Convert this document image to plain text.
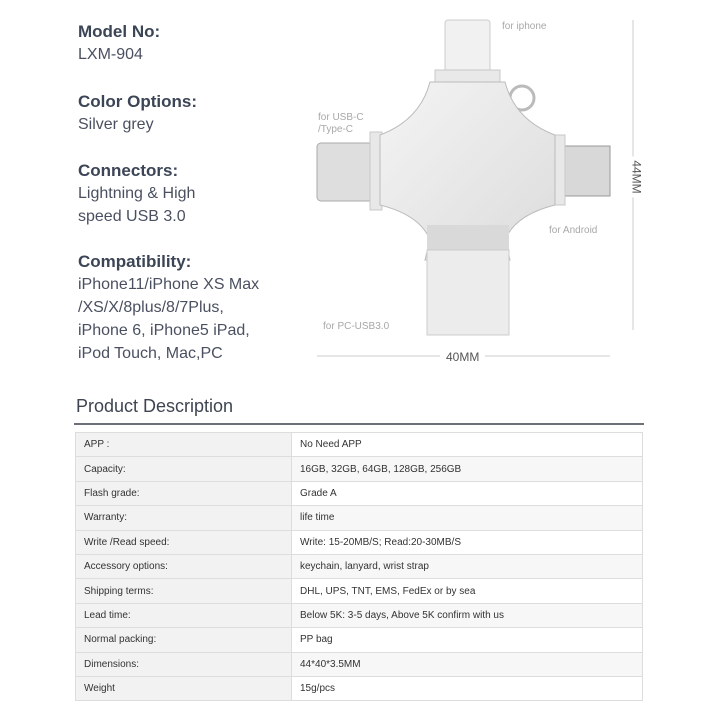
Model No:

LXM-904

Color Options:

Silver grey

Connectors:

Lightning & High

speed USB 3.0

Compatibility:

iPhone11/iPhone XS Max

/XS/X/8plus/8/7Plus,

iPhone 6, iPhone5 iPad,

iPod Touch, Mac,PC

for iphone
for USB-C
/Type-C
for Android
for PC-USB3.0
40MM
44MM
Product Description
APP :	No Need APP
Capacity:	16GB, 32GB, 64GB, 128GB, 256GB
Flash grade:	Grade A
Warranty:	life time
Write /Read speed:	Write: 15-20MB/S; Read:20-30MB/S
Accessory options:	keychain, lanyard, wrist strap
Shipping terms:	DHL, UPS, TNT, EMS, FedEx or by sea
Lead time:	Below 5K: 3-5 days, Above 5K confirm with us
Normal packing:	PP bag
Dimensions:	44*40*3.5MM
Weight	15g/pcs
